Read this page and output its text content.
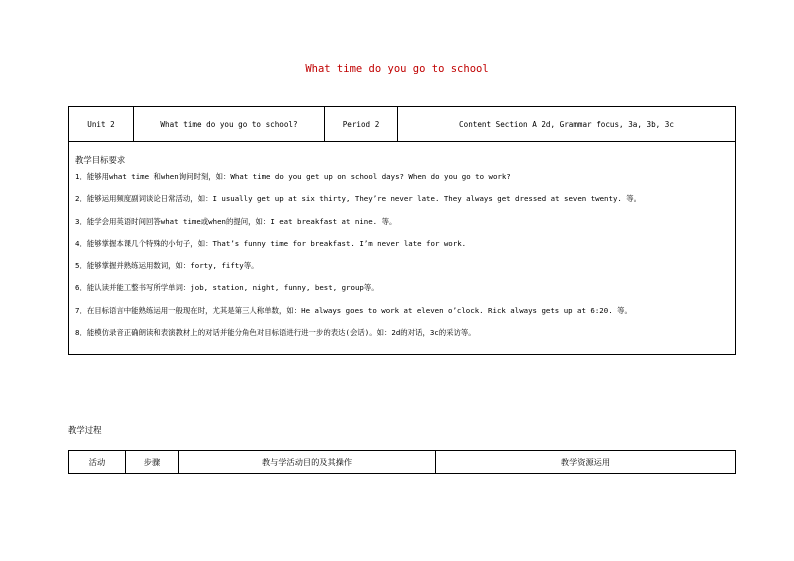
What time do you go to school
Unit 2	What time do you go to school?	Period 2	Content Section A 2d, Grammar focus, 3a, 3b, 3c

教学目标要求
1．能够用what time 和when询问时刻，如：What time do you get up on school days? When do you go to work?
2．能够运用频度副词谈论日常活动，如：I usually get up at six thirty, They’re never late. They always get dressed at seven twenty. 等。
3．能学会用英语时间回答what time或when的提问，如：I eat breakfast at nine. 等。
4．能够掌握本课几个特殊的小句子，如：That’s funny time for breakfast. I’m never late for work.
5．能够掌握并熟练运用数词，如：forty, fifty等。
6．能认读并能工整书写所学单词：job, station, night, funny, best, group等。
7．在目标语言中能熟练运用一般现在时，尤其是第三人称单数，如：He always goes to work at eleven o’clock. Rick always gets up at 6:20. 等。
8．能模仿录音正确朗读和表演教材上的对话并能分角色对目标语进行进一步的表达(会话)。如：2d的对话，3c的采访等。
教学过程
活动	步骤	教与学活动目的及其操作	教学资源运用
